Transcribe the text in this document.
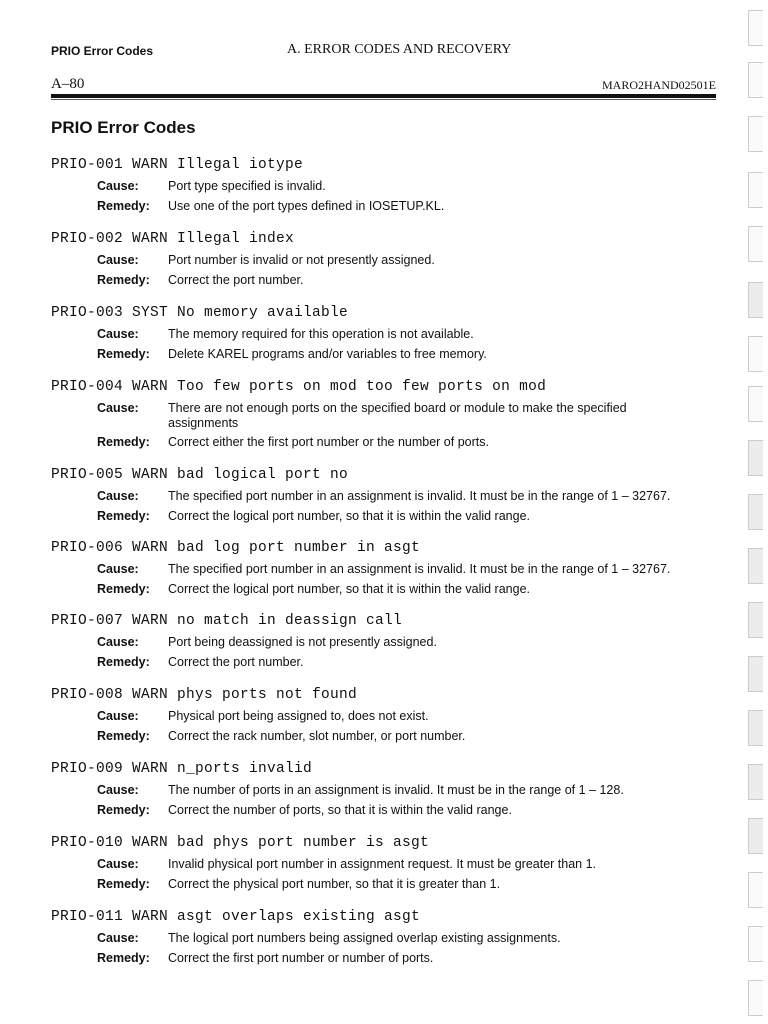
PRIO Error Codes	A. ERROR CODES AND RECOVERY
A–80	MARO2HAND02501E
PRIO Error Codes
PRIO-001 WARN Illegal iotype
Cause: Port type specified is invalid.
Remedy: Use one of the port types defined in IOSETUP.KL.
PRIO-002 WARN Illegal index
Cause: Port number is invalid or not presently assigned.
Remedy: Correct the port number.
PRIO-003 SYST No memory available
Cause: The memory required for this operation is not available.
Remedy: Delete KAREL programs and/or variables to free memory.
PRIO-004 WARN Too few ports on mod too few ports on mod
Cause: There are not enough ports on the specified board or module to make the specified assignments
Remedy: Correct either the first port number or the number of ports.
PRIO-005 WARN bad logical port no
Cause: The specified port number in an assignment is invalid. It must be in the range of 1 – 32767.
Remedy: Correct the logical port number, so that it is within the valid range.
PRIO-006 WARN bad log port number in asgt
Cause: The specified port number in an assignment is invalid. It must be in the range of 1 – 32767.
Remedy: Correct the logical port number, so that it is within the valid range.
PRIO-007 WARN no match in deassign call
Cause: Port being deassigned is not presently assigned.
Remedy: Correct the port number.
PRIO-008 WARN phys ports not found
Cause: Physical port being assigned to, does not exist.
Remedy: Correct the rack number, slot number, or port number.
PRIO-009 WARN n_ports invalid
Cause: The number of ports in an assignment is invalid. It must be in the range of 1 – 128.
Remedy: Correct the number of ports, so that it is within the valid range.
PRIO-010 WARN bad phys port number is asgt
Cause: Invalid physical port number in assignment request. It must be greater than 1.
Remedy: Correct the physical port number, so that it is greater than 1.
PRIO-011 WARN asgt overlaps existing asgt
Cause: The logical port numbers being assigned overlap existing assignments.
Remedy: Correct the first port number or number of ports.
